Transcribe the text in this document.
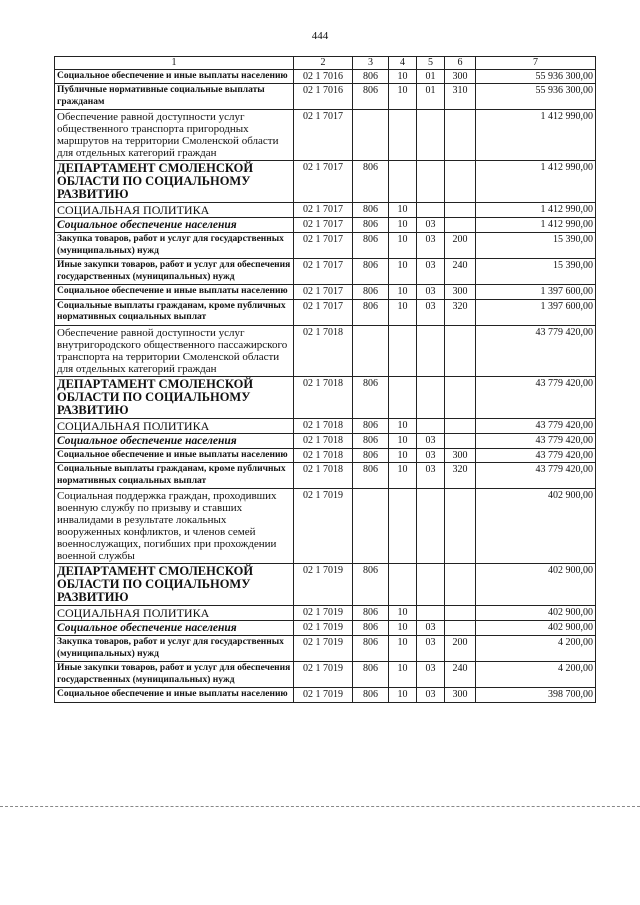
444
1	2	3	4	5	6	7
Социальное обеспечение и иные выплаты населению	02 1 7016	806	10	01	300	55 936 300,00
Публичные нормативные социальные выплаты гражданам	02 1 7016	806	10	01	310	55 936 300,00
Обеспечение равной доступности услуг общественного транспорта пригородных маршрутов на территории Смоленской области для отдельных категорий граждан	02 1 7017					1 412 990,00
ДЕПАРТАМЕНТ СМОЛЕНСКОЙ ОБЛАСТИ ПО СОЦИАЛЬНОМУ РАЗВИТИЮ	02 1 7017	806				1 412 990,00
СОЦИАЛЬНАЯ ПОЛИТИКА	02 1 7017	806	10			1 412 990,00
Социальное обеспечение населения	02 1 7017	806	10	03		1 412 990,00
Закупка товаров, работ и услуг для государственных (муниципальных) нужд	02 1 7017	806	10	03	200	15 390,00
Иные закупки товаров, работ и услуг для обеспечения государственных (муниципальных) нужд	02 1 7017	806	10	03	240	15 390,00
Социальное обеспечение и иные выплаты населению	02 1 7017	806	10	03	300	1 397 600,00
Социальные выплаты гражданам, кроме публичных нормативных социальных выплат	02 1 7017	806	10	03	320	1 397 600,00
Обеспечение равной доступности услуг внутригородского общественного пассажирского транспорта на территории Смоленской области для отдельных категорий граждан	02 1 7018					43 779 420,00
ДЕПАРТАМЕНТ СМОЛЕНСКОЙ ОБЛАСТИ ПО СОЦИАЛЬНОМУ РАЗВИТИЮ	02 1 7018	806				43 779 420,00
СОЦИАЛЬНАЯ ПОЛИТИКА	02 1 7018	806	10			43 779 420,00
Социальное обеспечение населения	02 1 7018	806	10	03		43 779 420,00
Социальное обеспечение и иные выплаты населению	02 1 7018	806	10	03	300	43 779 420,00
Социальные выплаты гражданам, кроме публичных нормативных социальных выплат	02 1 7018	806	10	03	320	43 779 420,00
Социальная поддержка граждан, проходивших военную службу по призыву и ставших инвалидами в результате локальных вооруженных конфликтов, и членов семей военнослужащих, погибших при прохождении военной службы	02 1 7019					402 900,00
ДЕПАРТАМЕНТ СМОЛЕНСКОЙ ОБЛАСТИ ПО СОЦИАЛЬНОМУ РАЗВИТИЮ	02 1 7019	806				402 900,00
СОЦИАЛЬНАЯ ПОЛИТИКА	02 1 7019	806	10			402 900,00
Социальное обеспечение населения	02 1 7019	806	10	03		402 900,00
Закупка товаров, работ и услуг для государственных (муниципальных) нужд	02 1 7019	806	10	03	200	4 200,00
Иные закупки товаров, работ и услуг для обеспечения государственных (муниципальных) нужд	02 1 7019	806	10	03	240	4 200,00
Социальное обеспечение и иные выплаты населению	02 1 7019	806	10	03	300	398 700,00
